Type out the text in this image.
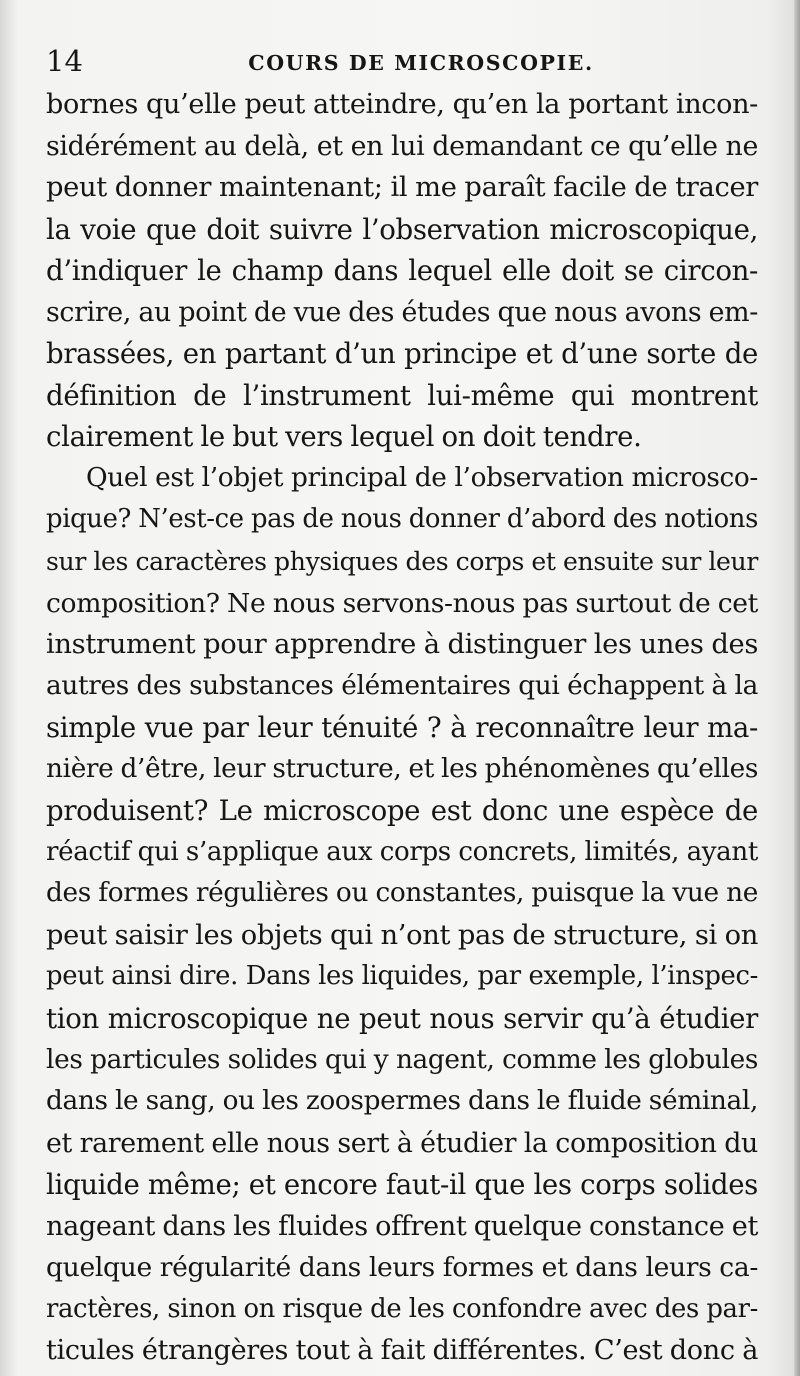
14	COURS DE MICROSCOPIE.
bornes qu’elle peut atteindre, qu’en la portant incon-
sidérément au delà, et en lui demandant ce qu’elle ne
peut donner maintenant; il me paraît facile de tracer
la voie que doit suivre l’observation microscopique,
d’indiquer le champ dans lequel elle doit se circon-
scrire, au point de vue des études que nous avons em-
brassées, en partant d’un principe et d’une sorte de
définition de l’instrument lui-même qui montrent
clairement le but vers lequel on doit tendre.
Quel est l’objet principal de l’observation microsco-
pique? N’est-ce pas de nous donner d’abord des notions
sur les caractères physiques des corps et ensuite sur leur
composition? Ne nous servons-nous pas surtout de cet
instrument pour apprendre à distinguer les unes des
autres des substances élémentaires qui échappent à la
simple vue par leur ténuité ? à reconnaître leur ma-
nière d’être, leur structure, et les phénomènes qu’elles
produisent? Le microscope est donc une espèce de
réactif qui s’applique aux corps concrets, limités, ayant
des formes régulières ou constantes, puisque la vue ne
peut saisir les objets qui n’ont pas de structure, si on
peut ainsi dire. Dans les liquides, par exemple, l’inspec-
tion microscopique ne peut nous servir qu’à étudier
les particules solides qui y nagent, comme les globules
dans le sang, ou les zoospermes dans le fluide séminal,
et rarement elle nous sert à étudier la composition du
liquide même; et encore faut-il que les corps solides
nageant dans les fluides offrent quelque constance et
quelque régularité dans leurs formes et dans leurs ca-
ractères, sinon on risque de les confondre avec des par-
ticules étrangères tout à fait différentes. C’est donc à
